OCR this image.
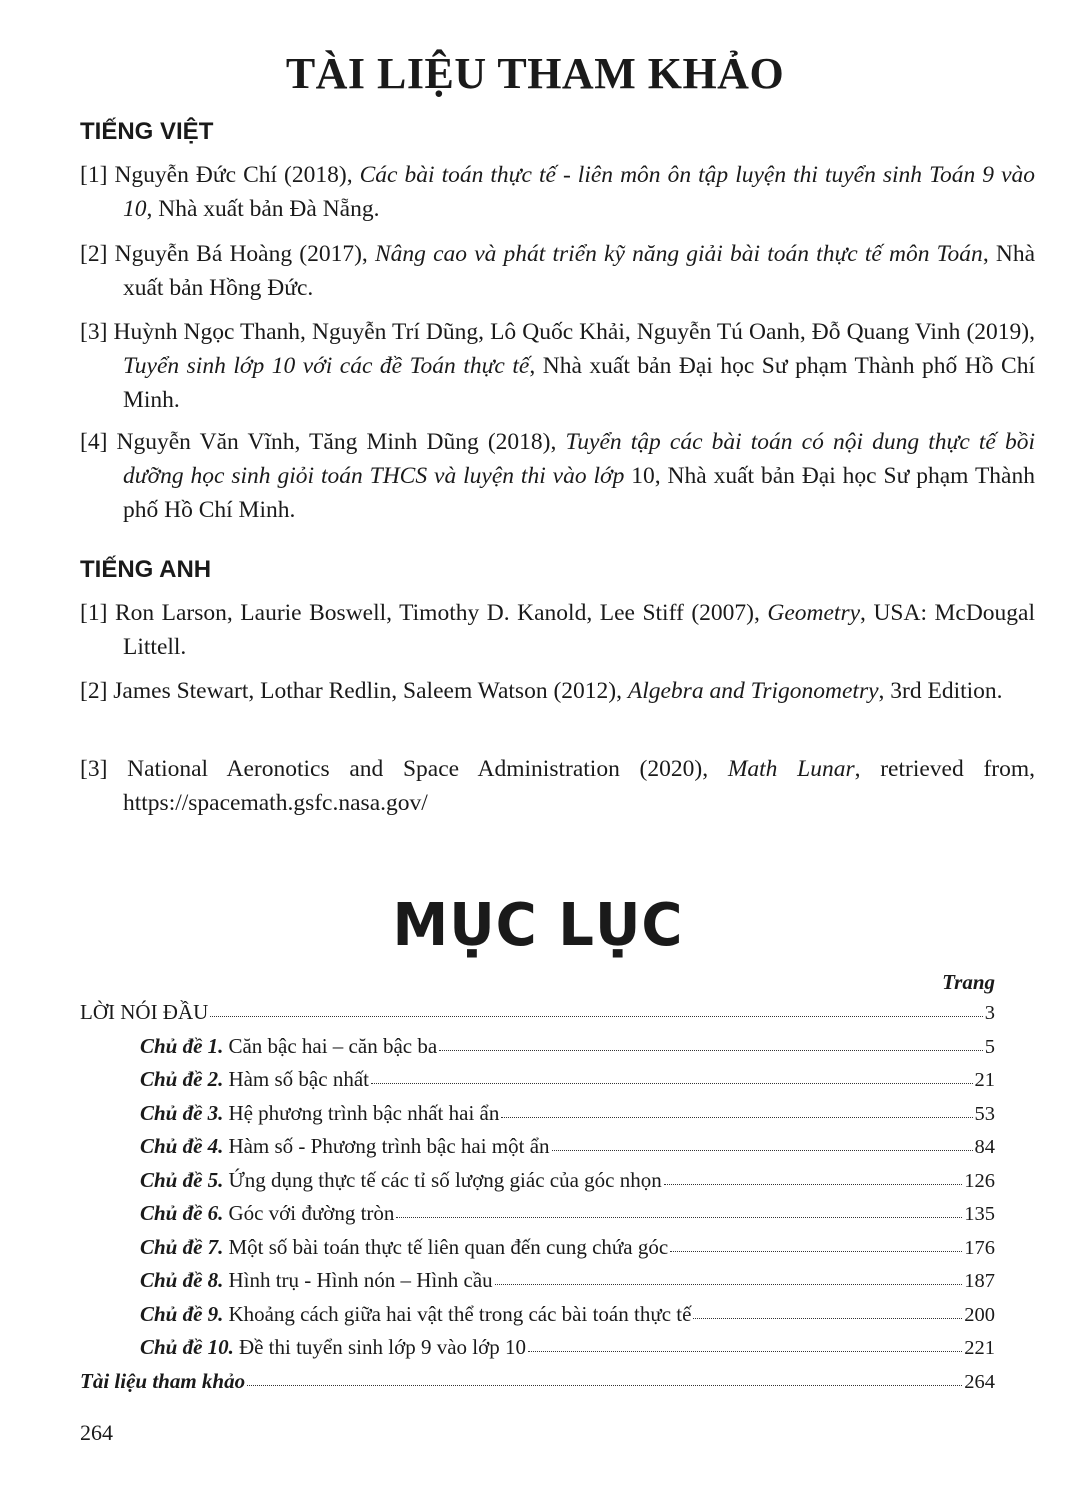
TÀI LIỆU THAM KHẢO
TIẾNG VIỆT

[1] Nguyễn Đức Chí (2018), Các bài toán thực tế - liên môn ôn tập luyện thi tuyển sinh Toán 9 vào 10, Nhà xuất bản Đà Nẵng.

[2] Nguyễn Bá Hoàng (2017), Nâng cao và phát triển kỹ năng giải bài toán thực tế môn Toán, Nhà xuất bản Hồng Đức.

[3] Huỳnh Ngọc Thanh, Nguyễn Trí Dũng, Lô Quốc Khải, Nguyễn Tú Oanh, Đỗ Quang Vinh (2019), Tuyển sinh lớp 10 với các đề Toán thực tế, Nhà xuất bản Đại học Sư phạm Thành phố Hồ Chí Minh.

[4] Nguyễn Văn Vĩnh, Tăng Minh Dũng (2018), Tuyển tập các bài toán có nội dung thực tế bồi dưỡng học sinh giỏi toán THCS và luyện thi vào lớp 10, Nhà xuất bản Đại học Sư phạm Thành phố Hồ Chí Minh.

TIẾNG ANH

[1] Ron Larson, Laurie Boswell, Timothy D. Kanold, Lee Stiff (2007), Geometry, USA: McDougal Littell.

[2] James Stewart, Lothar Redlin, Saleem Watson (2012), Algebra and Trigonometry, 3rd Edition.

[3] National Aeronotics and Space Administration (2020), Math Lunar, retrieved from, https://spacemath.gsfc.nasa.gov/

MỤC LỤC
Trang
LỜI NÓI ĐẦU	3
Chủ đề 1. Căn bậc hai – căn bậc ba	5
Chủ đề 2. Hàm số bậc nhất	21
Chủ đề 3. Hệ phương trình bậc nhất hai ẩn	53
Chủ đề 4. Hàm số - Phương trình bậc hai một ẩn	84
Chủ đề 5. Ứng dụng thực tế các tỉ số lượng giác của góc nhọn	126
Chủ đề 6. Góc với đường tròn	135
Chủ đề 7. Một số bài toán thực tế liên quan đến cung chứa góc	176
Chủ đề 8. Hình trụ - Hình nón – Hình cầu	187
Chủ đề 9. Khoảng cách giữa hai vật thể trong các bài toán thực tế	200
Chủ đề 10. Đề thi tuyển sinh lớp 9 vào lớp 10	221
Tài liệu tham khảo	264
264
